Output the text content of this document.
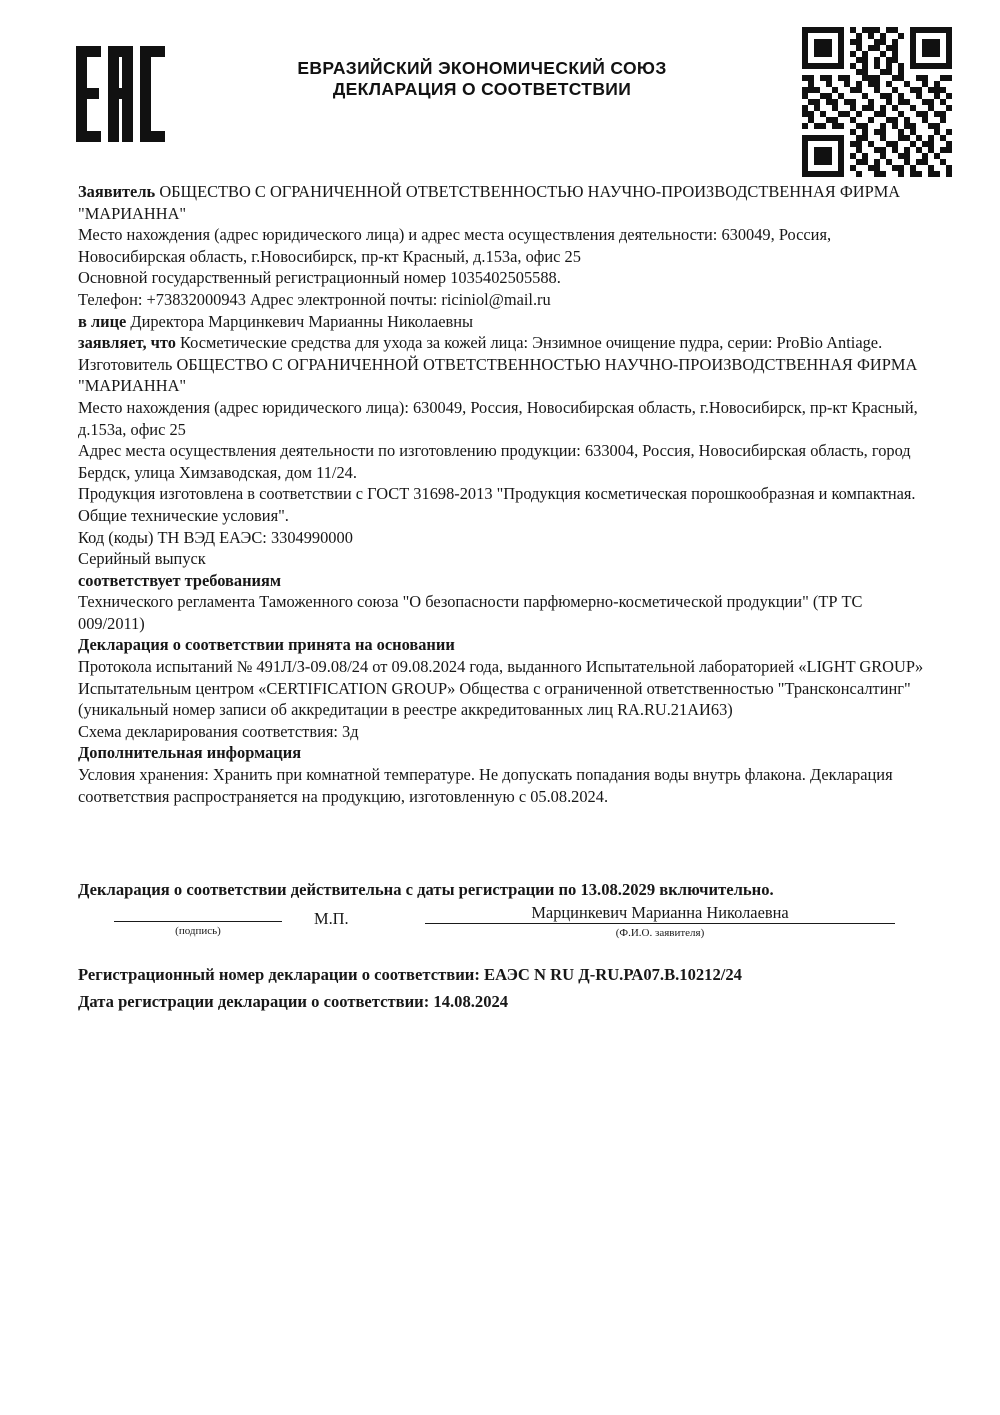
ЕВРАЗИЙСКИЙ ЭКОНОМИЧЕСКИЙ СОЮЗ
ДЕКЛАРАЦИЯ О СООТВЕТСТВИИ

Заявитель ОБЩЕСТВО С ОГРАНИЧЕННОЙ ОТВЕТСТВЕННОСТЬЮ НАУЧНО-ПРОИЗВОДСТВЕННАЯ ФИРМА "МАРИАННА"

Место нахождения (адрес юридического лица) и адрес места осуществления деятельности: 630049, Россия, Новосибирская область, г.Новосибирск, пр-кт Красный, д.153а, офис 25

Основной государственный регистрационный номер 1035402505588.

Телефон: +73832000943 Адрес электронной почты: riciniol@mail.ru

в лице Директора Марцинкевич Марианны Николаевны

заявляет, что Косметические средства для ухода за кожей лица: Энзимное очищение пудра, серии: ProBio Antiage.

Изготовитель ОБЩЕСТВО С ОГРАНИЧЕННОЙ ОТВЕТСТВЕННОСТЬЮ НАУЧНО-ПРОИЗВОДСТВЕННАЯ ФИРМА "МАРИАННА"

Место нахождения (адрес юридического лица): 630049, Россия, Новосибирская область, г.Новосибирск, пр-кт Красный, д.153а, офис 25

Адрес места осуществления деятельности по изготовлению продукции: 633004, Россия, Новосибирская область, город Бердск, улица Химзаводская, дом 11/24.

Продукция изготовлена в соответствии с ГОСТ 31698-2013 "Продукция косметическая порошкообразная и компактная. Общие технические условия".

Код (коды) ТН ВЭД ЕАЭС: 3304990000

Серийный выпуск

соответствует требованиям

Технического регламента Таможенного союза "О безопасности парфюмерно-косметической продукции" (ТР ТС 009/2011)

Декларация о соответствии принята на основании

Протокола испытаний № 491Л/З-09.08/24 от 09.08.2024 года, выданного Испытательной лабораторией «LIGHT GROUP» Испытательным центром «CERTIFICATION GROUP» Общества с ограниченной ответственностью "Трансконсалтинг" (уникальный номер записи об аккредитации в реестре аккредитованных лиц RA.RU.21АИ63)

Схема декларирования соответствия: 3д

Дополнительная информация

Условия хранения: Хранить при комнатной температуре. Не допускать попадания воды внутрь флакона. Декларация соответствия распространяется на продукцию, изготовленную с 05.08.2024.

Декларация о соответствии действительна с даты регистрации по 13.08.2029 включительно.
(подпись)
М.П.	Марцинкевич Марианна Николаевна
(Ф.И.О. заявителя)
Регистрационный номер декларации о соответствии: ЕАЭС N RU Д-RU.РА07.В.10212/24
Дата регистрации декларации о соответствии: 14.08.2024
